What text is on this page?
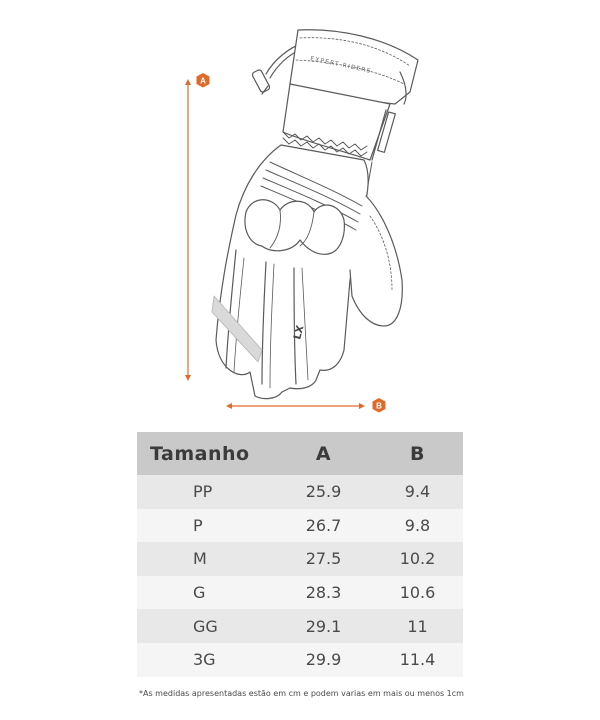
A
B
EXPERT RIDERS
LX
Tamanho	A	B
PP	25.9	9.4
P	26.7	9.8
M	27.5	10.2
G	28.3	10.6
GG	29.1	11
3G	29.9	11.4
*As medidas apresentadas estão em cm e podem varias em mais ou menos 1cm
